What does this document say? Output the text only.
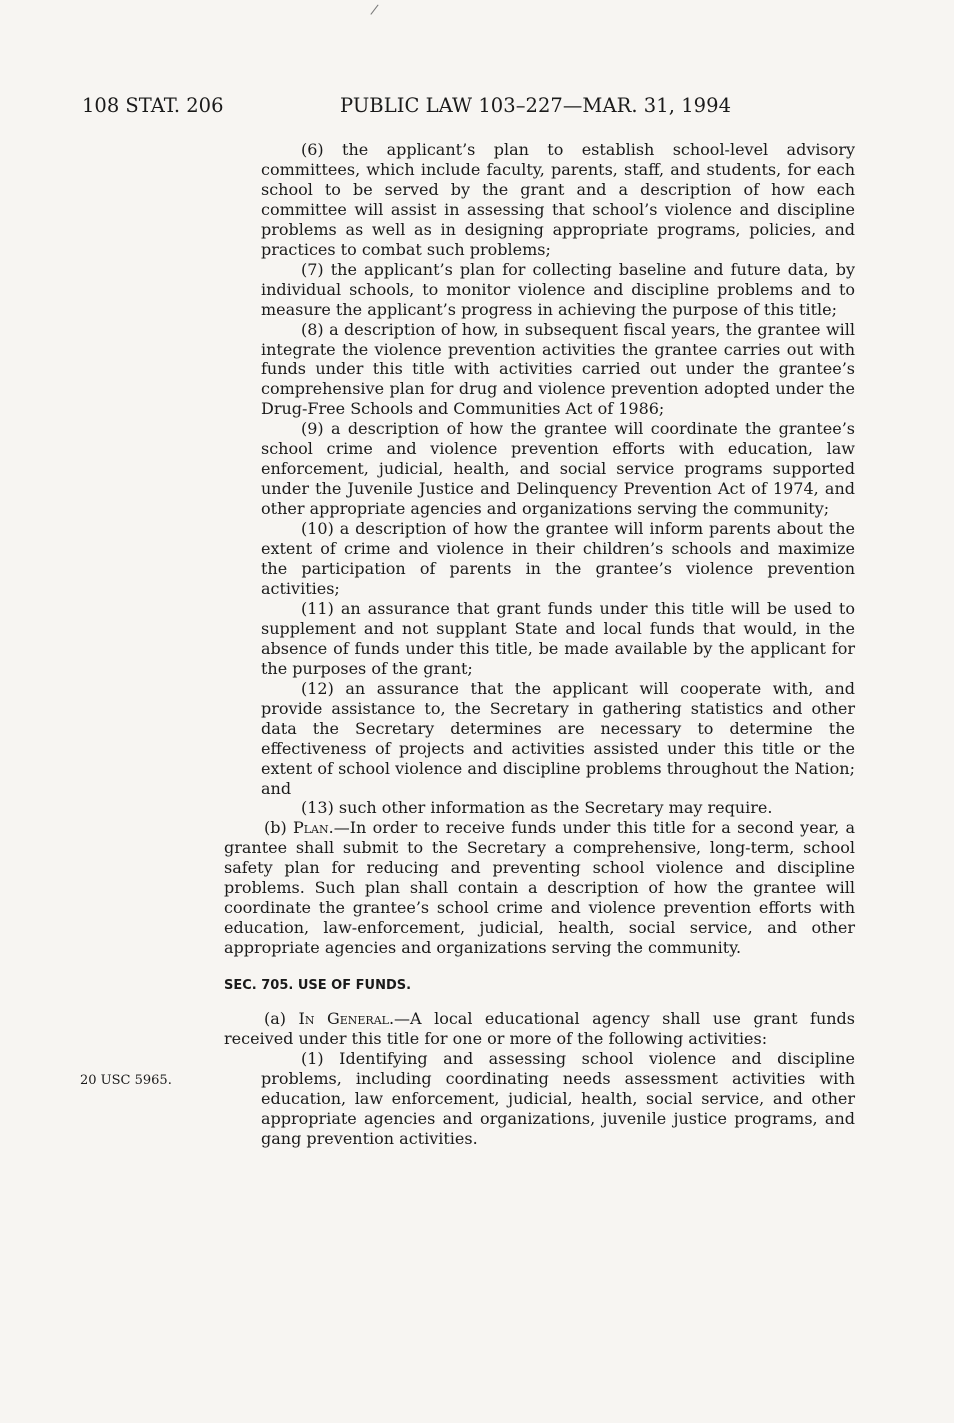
/
108 STAT. 206	PUBLIC LAW 103–227—MAR. 31, 1994
20 USC 5965.

(6) the applicant’s plan to establish school-level advisory committees, which include faculty, parents, staff, and students, for each school to be served by the grant and a description of how each committee will assist in assessing that school’s violence and discipline problems as well as in designing appropriate programs, policies, and practices to combat such problems;

(7) the applicant’s plan for collecting baseline and future data, by individual schools, to monitor violence and discipline problems and to measure the applicant’s progress in achieving the purpose of this title;

(8) a description of how, in subsequent fiscal years, the grantee will integrate the violence prevention activities the grantee carries out with funds under this title with activities carried out under the grantee’s comprehensive plan for drug and violence prevention adopted under the Drug-Free Schools and Communities Act of 1986;

(9) a description of how the grantee will coordinate the grantee’s school crime and violence prevention efforts with education, law enforcement, judicial, health, and social service programs supported under the Juvenile Justice and Delinquency Prevention Act of 1974, and other appropriate agencies and organizations serving the community;

(10) a description of how the grantee will inform parents about the extent of crime and violence in their children’s schools and maximize the participation of parents in the grantee’s violence prevention activities;

(11) an assurance that grant funds under this title will be used to supplement and not supplant State and local funds that would, in the absence of funds under this title, be made available by the applicant for the purposes of the grant;

(12) an assurance that the applicant will cooperate with, and provide assistance to, the Secretary in gathering statistics and other data the Secretary determines are necessary to determine the effectiveness of projects and activities assisted under this title or the extent of school violence and discipline problems throughout the Nation; and

(13) such other information as the Secretary may require.

(b) Plan.—In order to receive funds under this title for a second year, a grantee shall submit to the Secretary a comprehensive, long-term, school safety plan for reducing and preventing school violence and discipline problems. Such plan shall contain a description of how the grantee will coordinate the grantee’s school crime and violence prevention efforts with education, law-enforcement, judicial, health, social service, and other appropriate agencies and organizations serving the community.

SEC. 705. USE OF FUNDS.

(a) In General.—A local educational agency shall use grant funds received under this title for one or more of the following activities:

(1) Identifying and assessing school violence and discipline problems, including coordinating needs assessment activities with education, law enforcement, judicial, health, social service, and other appropriate agencies and organizations, juvenile justice programs, and gang prevention activities.
